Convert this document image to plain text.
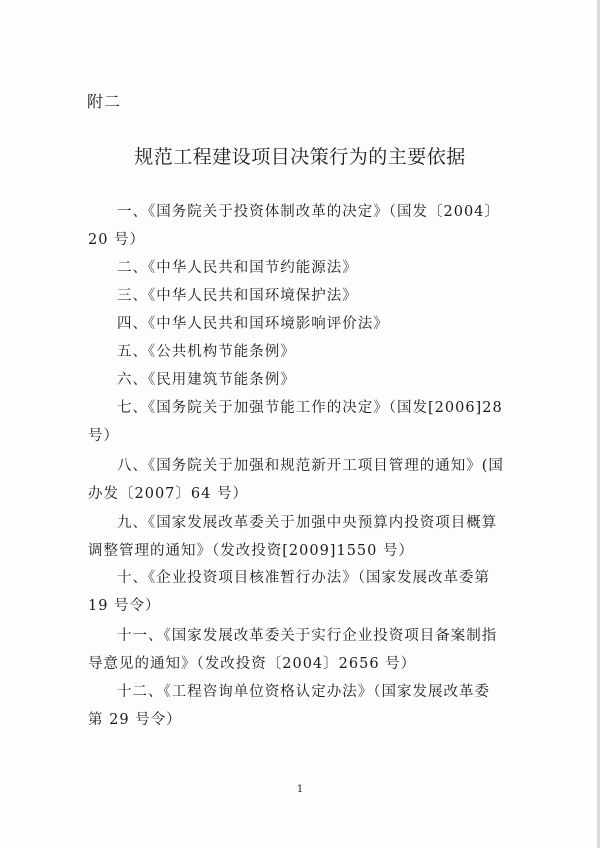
附二
规范工程建设项目决策行为的主要依据
一、《国务院关于投资体制改革的决定》（国发〔2004〕
20 号）
二、《中华人民共和国节约能源法》
三、《中华人民共和国环境保护法》
四、《中华人民共和国环境影响评价法》
五、《公共机构节能条例》
六、《民用建筑节能条例》
七、《国务院关于加强节能工作的决定》（国发[2006]28
号）
八、《国务院关于加强和规范新开工项目管理的通知》(国
办发〔2007〕64 号）
九、《国家发展改革委关于加强中央预算内投资项目概算
调整管理的通知》（发改投资[2009]1550 号）
十、《企业投资项目核准暂行办法》（国家发展改革委第
19 号令）
十一、《国家发展改革委关于实行企业投资项目备案制指
导意见的通知》（发改投资〔2004〕2656 号）
十二、《工程咨询单位资格认定办法》（国家发展改革委
第 29 号令）
1
